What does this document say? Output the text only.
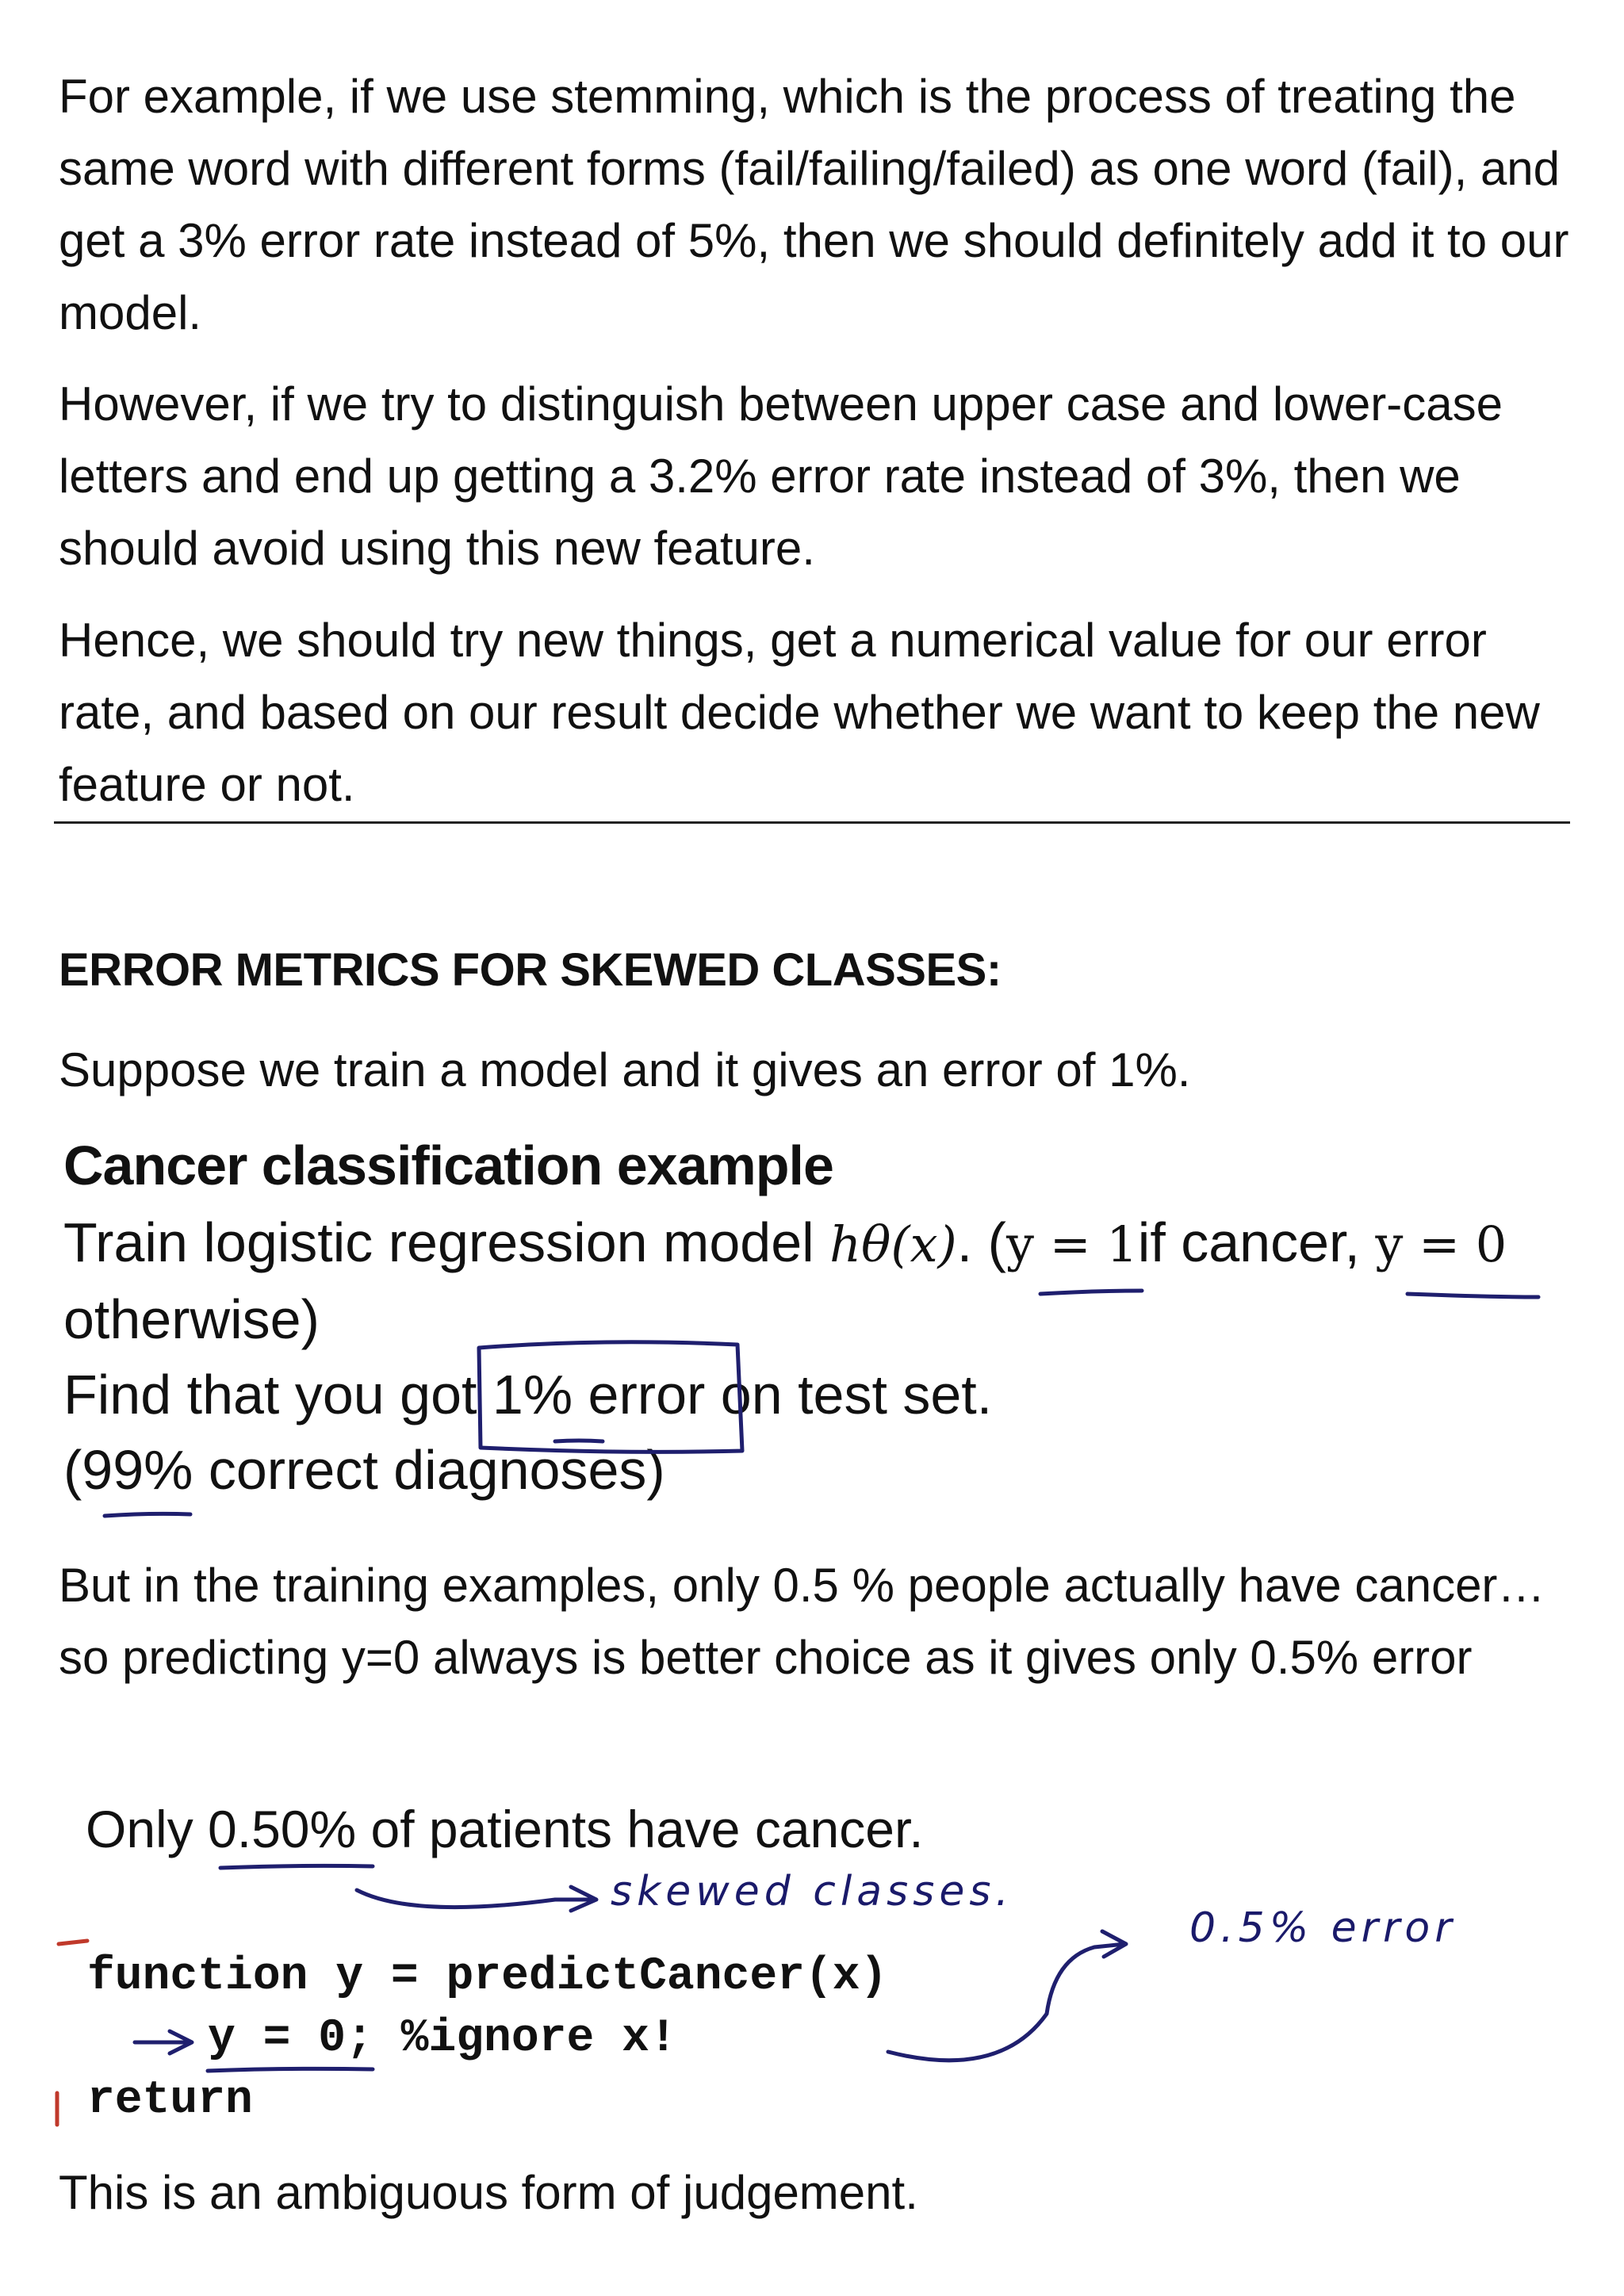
For example, if we use stemming, which is the process of treating the same word with different forms (fail/failing/failed) as one word (fail), and get a 3% error rate instead of 5%, then we should definitely add it to our model.

However, if we try to distinguish between upper case and lower-case letters and end up getting a 3.2% error rate instead of 3%, then we should avoid using this new feature.

Hence, we should try new things, get a numerical value for our error rate, and based on our result decide whether we want to keep the new feature or not.

ERROR METRICS FOR SKEWED CLASSES:

Suppose we train a model and it gives an error of 1%.

Cancer classification example

Train logistic regression model hθ(x). (y = 1if cancer, y = 0

otherwise)

Find that you got 1% error on test set.

(99% correct diagnoses)

But in the training examples, only 0.5 % people actually have cancer… so predicting y=0 always is better choice as it gives only 0.5% error

Only 0.50% of patients have cancer.

skewed classes.
0.5% error

function y = predictCancer(x)

y = 0; %ignore x!

return

This is an ambiguous form of judgement.
